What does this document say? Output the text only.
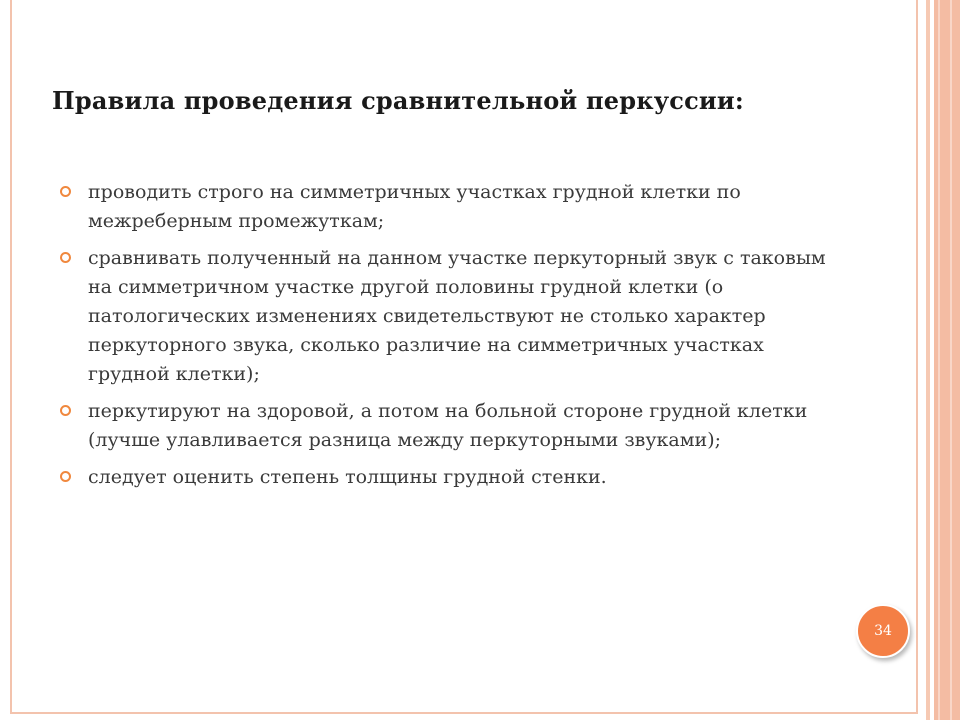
Правила проведения сравнительной перкуссии:
проводить строго на симметричных участках грудной клетки по межреберным промежуткам;
сравнивать полученный на данном участке перкуторный звук с таковым на симметричном участке другой половины грудной клетки (о патологических изменениях свидетельствуют не столько характер перкуторного звука, сколько различие на симметричных участках грудной клетки);
перкутируют на здоровой, а потом на больной стороне грудной клетки (лучше улавливается разница между перкуторными звуками);
следует оценить степень толщины грудной стенки.
34
